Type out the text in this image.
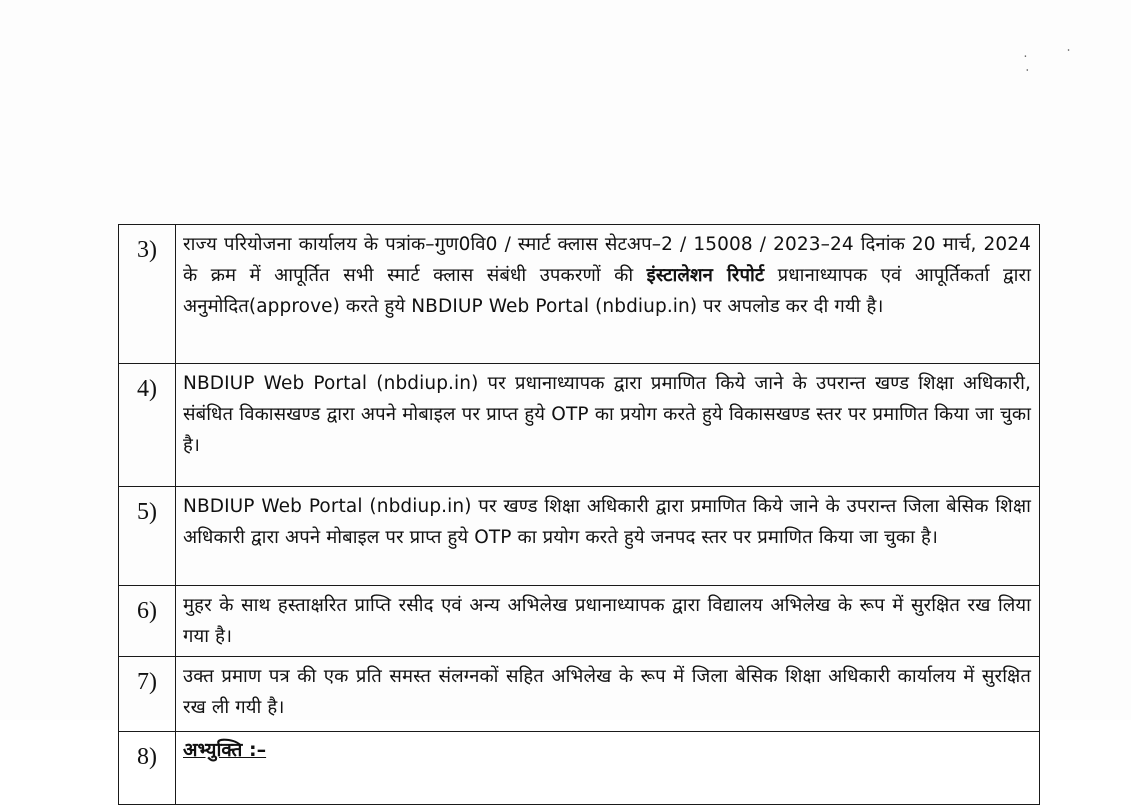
· · ·
3)	राज्य परियोजना कार्यालय के पत्रांक–गुण0वि0 / स्मार्ट क्लास सेटअप–2 / 15008 / 2023–24 दिनांक 20 मार्च, 2024 के क्रम में आपूर्तित सभी स्मार्ट क्लास संबंधी उपकरणों की इंस्टालेशन रिपोर्ट प्रधानाध्यापक एवं आपूर्तिकर्ता द्वारा अनुमोदित(approve) करते हुये NBDIUP Web Portal (nbdiup.in) पर अपलोड कर दी गयी है।

4)	NBDIUP Web Portal (nbdiup.in) पर प्रधानाध्यापक द्वारा प्रमाणित किये जाने के उपरान्त खण्ड शिक्षा अधिकारी, संबंधित विकासखण्ड द्वारा अपने मोबाइल पर प्राप्त हुये OTP का प्रयोग करते हुये विकासखण्ड स्तर पर प्रमाणित किया जा चुका है।

5)	NBDIUP Web Portal (nbdiup.in) पर खण्ड शिक्षा अधिकारी द्वारा प्रमाणित किये जाने के उपरान्त जिला बेसिक शिक्षा अधिकारी द्वारा अपने मोबाइल पर प्राप्त हुये OTP का प्रयोग करते हुये जनपद स्तर पर प्रमाणित किया जा चुका है।

6)	मुहर के साथ हस्ताक्षरित प्राप्ति रसीद एवं अन्य अभिलेख प्रधानाध्यापक द्वारा विद्यालय अभिलेख के रूप में सुरक्षित रख लिया गया है।

7)	उक्त प्रमाण पत्र की एक प्रति समस्त संलग्नकों सहित अभिलेख के रूप में जिला बेसिक शिक्षा अधिकारी कार्यालय में सुरक्षित रख ली गयी है।

8)	अभ्युक्ति :–
